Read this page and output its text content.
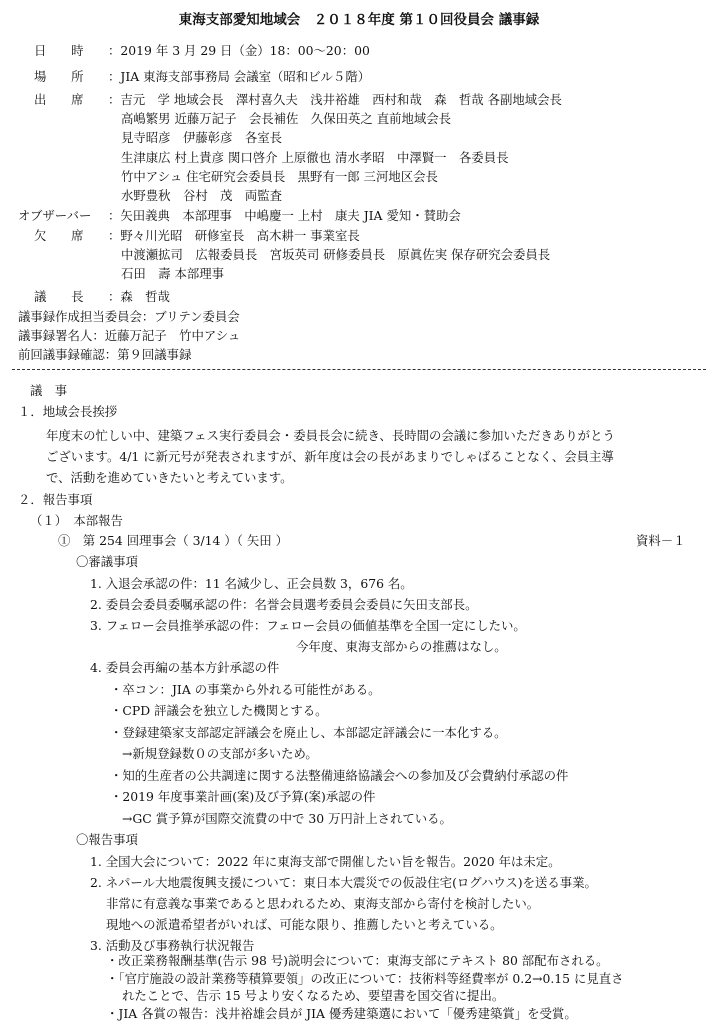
東海支部愛知地域会　２０１８年度 第１０回役員会 議事録
日　　時 ：2019 年 3 月 29 日（金）18：00～20：00
場　　所 ：JIA 東海支部事務局 会議室（昭和ビル５階）
出　　席 ：吉元　学 地域会長　澤村喜久夫　浅井裕雄　西村和哉　森　哲哉 各副地域会長
高嶋繁男 近藤万記子　会長補佐　久保田英之 直前地域会長
見寺昭彦　伊藤彰彦　各室長
生津康広 村上貴彦 関口啓介 上原徹也 清水孝昭　中澤賢一　各委員長
竹中アシュ 住宅研究会委員長　黒野有一郎 三河地区会長
水野豊秋　谷村　茂　両監査
オブザーバー ：矢田義典　本部理事　中嶋慶一 上村　康夫 JIA 愛知・賛助会
欠　　席 ：野々川光昭　研修室長　高木耕一 事業室長
中渡瀬拡司　広報委員長　宮坂英司 研修委員長　原眞佐実 保存研究会委員長
石田　壽 本部理事
議　　長 ：森　哲哉
議事録作成担当委員会：ブリテン委員会
議事録署名人：近藤万記子　竹中アシュ
前回議事録確認：第９回議事録
議　事
１．地域会長挨拶
年度末の忙しい中、建築フェス実行委員会・委員長会に続き、長時間の会議に参加いただきありがとう
ございます。4/1 に新元号が発表されますが、新年度は会の長があまりでしゃばることなく、会員主導
で、活動を進めていきたいと考えています。
２．報告事項
（１）　本部報告
①　第 254 回理事会（ 3/14 ）（ 矢田 ）	資料－１
〇審議事項
1. 入退会承認の件：11 名減少し、正会員数 3，676 名。
2. 委員会委員委嘱承認の件：名誉会員選考委員会委員に矢田支部長。
3. フェロー会員推挙承認の件：フェロー会員の価値基準を全国一定にしたい。
今年度、東海支部からの推薦はなし。
4. 委員会再編の基本方針承認の件
・卒コン：JIA の事業から外れる可能性がある。
・CPD 評議会を独立した機関とする。
・登録建築家支部認定評議会を廃止し、本部認定評議会に一本化する。
→新規登録数０の支部が多いため。
・知的生産者の公共調達に関する法整備連絡協議会への参加及び会費納付承認の件
・2019 年度事業計画(案)及び予算(案)承認の件
→GC 賞予算が国際交流費の中で 30 万円計上されている。
〇報告事項
1. 全国大会について：2022 年に東海支部で開催したい旨を報告。2020 年は未定。
2. ネパール大地震復興支援について：東日本大震災での仮設住宅(ログハウス)を送る事業。
非常に有意義な事業であると思われるため、東海支部から寄付を検討したい。
現地への派遣希望者がいれば、可能な限り、推薦したいと考えている。
3. 活動及び事務執行状況報告
・改正業務報酬基準(告示 98 号)説明会について：東海支部にテキスト 80 部配布される。
・「官庁施設の設計業務等積算要領」の改正について：技術料等経費率が 0.2→0.15 に見直さ
れたことで、告示 15 号より安くなるため、要望書を国交省に提出。
・JIA 各賞の報告：浅井裕雄会員が JIA 優秀建築選において「優秀建築賞」を受賞。
